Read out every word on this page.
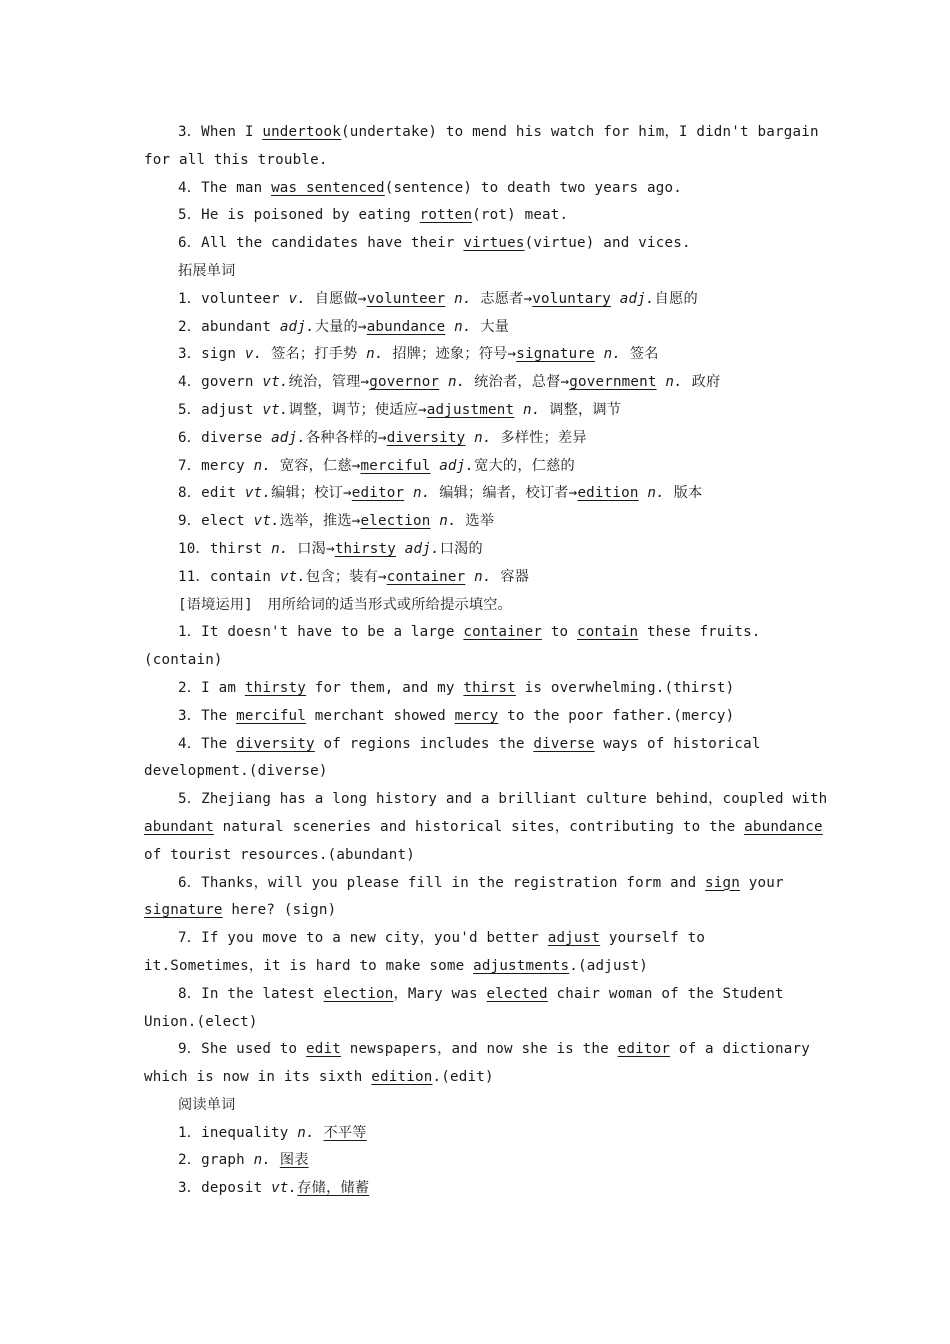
3．When I undertook(undertake) to mend his watch for him，I didn't bargain
for all this trouble.
4．The man was sentenced(sentence) to death two years ago.
5．He is poisoned by eating rotten(rot) meat.
6．All the candidates have their virtues(virtue) and vices.
拓展单词
1．volunteer v. 自愿做→volunteer n. 志愿者→voluntary adj.自愿的
2．abundant adj.大量的→abundance n. 大量
3．sign v. 签名；打手势 n. 招牌；迹象；符号→signature n. 签名
4．govern vt.统治，管理→governor n. 统治者，总督→government n. 政府
5．adjust vt.调整，调节；使适应→adjustment n. 调整，调节
6．diverse adj.各种各样的→diversity n. 多样性；差异
7．mercy n. 宽容，仁慈→merciful adj.宽大的，仁慈的
8．edit vt.编辑；校订→editor n. 编辑；编者，校订者→edition n. 版本
9．elect vt.选举，推选→election n. 选举
10．thirst n. 口渴→thirsty adj.口渴的
11．contain vt.包含；装有→container n. 容器
[语境运用]　用所给词的适当形式或所给提示填空。
1．It doesn't have to be a large container to contain these fruits.
(contain)
2．I am thirsty for them, and my thirst is overwhelming.(thirst)
3．The merciful merchant showed mercy to the poor father.(mercy)
4．The diversity of regions includes the diverse ways of historical
development.(diverse)
5．Zhejiang has a long history and a brilliant culture behind，coupled with
abundant natural sceneries and historical sites，contributing to the abundance
of tourist resources.(abundant)
6．Thanks，will you please fill in the registration form and sign your
signature here? (sign)
7．If you move to a new city，you'd better adjust yourself to
it.Sometimes，it is hard to make some adjustments.(adjust)
8．In the latest election，Mary was elected chair woman of the Student
Union.(elect)
9．She used to edit newspapers，and now she is the editor of a dictionary
which is now in its sixth edition.(edit)
阅读单词
1．inequality n. 不平等
2．graph n. 图表
3．deposit vt.存储，储蓄
